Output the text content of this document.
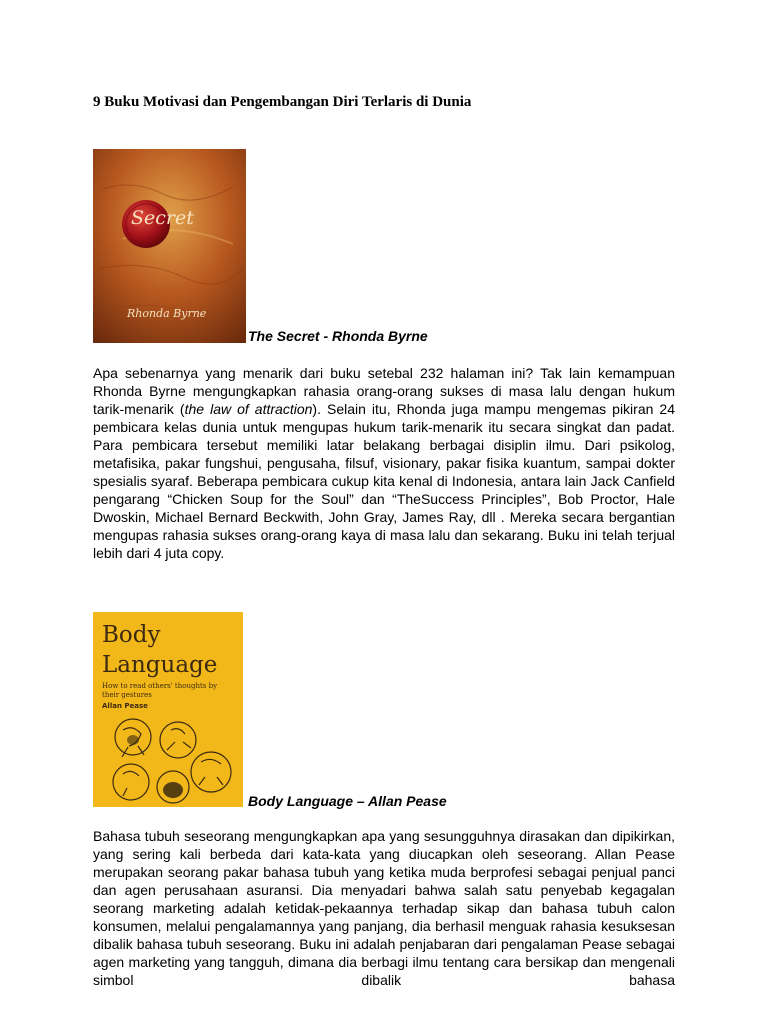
9 Buku Motivasi dan Pengembangan Diri Terlaris di Dunia
Secret
Rhonda Byrne
The Secret - Rhonda Byrne

Apa sebenarnya yang menarik dari buku setebal 232 halaman ini? Tak lain kemampuan Rhonda Byrne mengungkapkan rahasia orang-orang sukses di masa lalu dengan hukum tarik-menarik (the law of attraction). Selain itu, Rhonda juga mampu mengemas pikiran 24 pembicara kelas dunia untuk mengupas hukum tarik-menarik itu secara singkat dan padat.

Para pembicara tersebut memiliki latar belakang berbagai disiplin ilmu. Dari psikolog, metafisika, pakar fungshui, pengusaha, filsuf, visionary, pakar fisika kuantum, sampai dokter spesialis syaraf. Beberapa pembicara cukup kita kenal di Indonesia, antara lain Jack Canfield pengarang “Chicken Soup for the Soul” dan “TheSuccess Principles”, Bob Proctor, Hale Dwoskin, Michael Bernard Beckwith, John Gray, James Ray, dll . Mereka secara bergantian mengupas rahasia sukses orang-orang kaya di masa lalu dan sekarang. Buku ini telah terjual lebih dari 4 juta copy.

Body
Language
How to read others' thoughts by
their gestures
Allan Pease
Body Language – Allan Pease

Bahasa tubuh seseorang mengungkapkan apa yang sesungguhnya dirasakan dan dipikirkan, yang sering kali berbeda dari kata-kata yang diucapkan oleh seseorang. Allan Pease merupakan seorang pakar bahasa tubuh yang ketika muda berprofesi sebagai penjual panci dan agen perusahaan asuransi. Dia menyadari bahwa salah satu penyebab kegagalan seorang marketing adalah ketidak-pekaannya terhadap sikap dan bahasa tubuh calon konsumen, melalui pengalamannya yang panjang, dia berhasil menguak rahasia kesuksesan dibalik bahasa tubuh seseorang. Buku ini adalah penjabaran dari pengalaman Pease sebagai agen marketing yang tangguh, dimana dia berbagi ilmu tentang cara bersikap dan mengenali simbol dibalik bahasa
